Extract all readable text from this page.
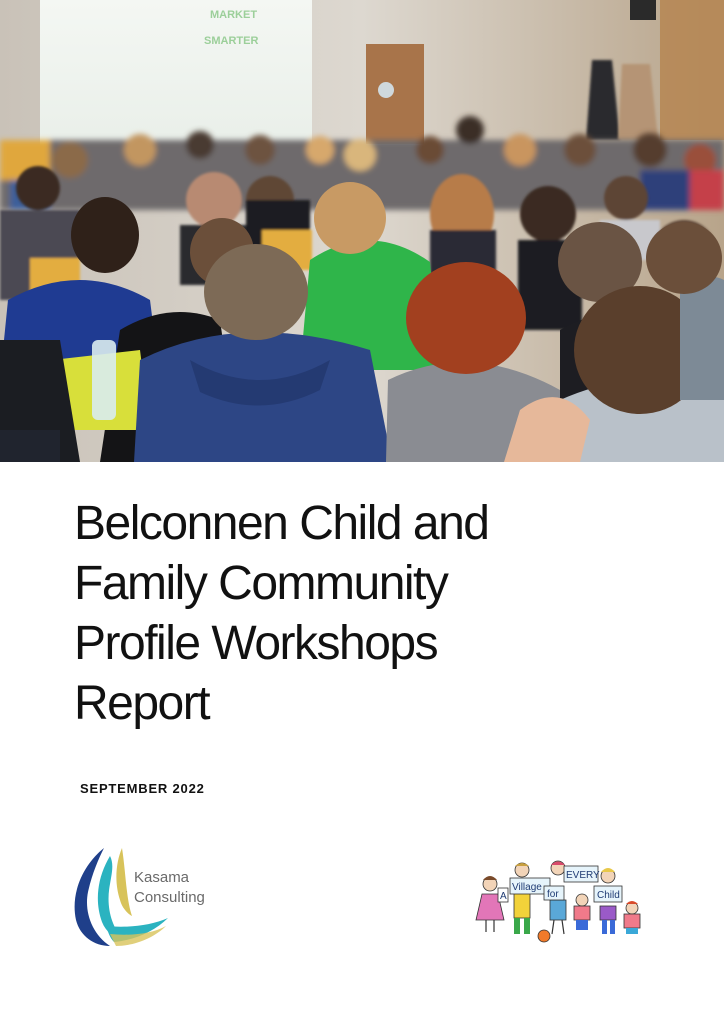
MARKET
SMARTER
Belconnen Child and
Family Community
Profile Workshops
Report
SEPTEMBER 2022
Kasama
Consulting	A
Village
for
EVERY
Child
